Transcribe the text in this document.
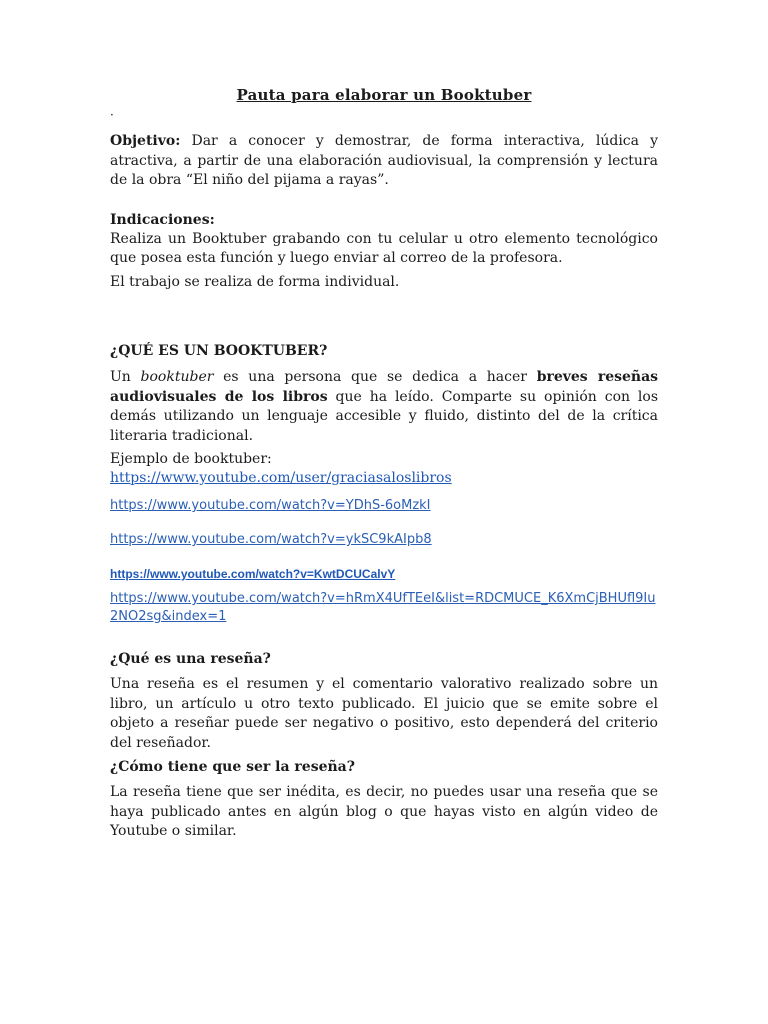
Pauta para elaborar un Booktuber
·

Objetivo: Dar a conocer y demostrar, de forma interactiva, lúdica y atractiva, a partir de una elaboración audiovisual, la comprensión y lectura de la obra “El niño del pijama a rayas”.

Indicaciones:

Realiza un Booktuber grabando con tu celular u otro elemento tecnológico que posea esta función y luego enviar al correo de la profesora.

El trabajo se realiza de forma individual.

¿QUÉ ES UN BOOKTUBER?

Un booktuber es una persona que se dedica a hacer breves reseñas audiovisuales de los libros que ha leído. Comparte su opinión con los demás utilizando un lenguaje accesible y fluido, distinto del de la crítica literaria tradicional.

Ejemplo de booktuber:

https://www.youtube.com/user/graciasaloslibros
https://www.youtube.com/watch?v=YDhS-6oMzkI
https://www.youtube.com/watch?v=ykSC9kAIpb8
https://www.youtube.com/watch?v=KwtDCUCalvY
https://www.youtube.com/watch?v=hRmX4UfTEeI&list=RDCMUCE_K6XmCjBHUfl9Iu2NO2sg&index=1

¿Qué es una reseña?

Una reseña es el resumen y el comentario valorativo realizado sobre un libro, un artículo u otro texto publicado. El juicio que se emite sobre el objeto a reseñar puede ser negativo o positivo, esto dependerá del criterio del reseñador.

¿Cómo tiene que ser la reseña?

La reseña tiene que ser inédita, es decir, no puedes usar una reseña que se haya publicado antes en algún blog o que hayas visto en algún video de Youtube o similar.
